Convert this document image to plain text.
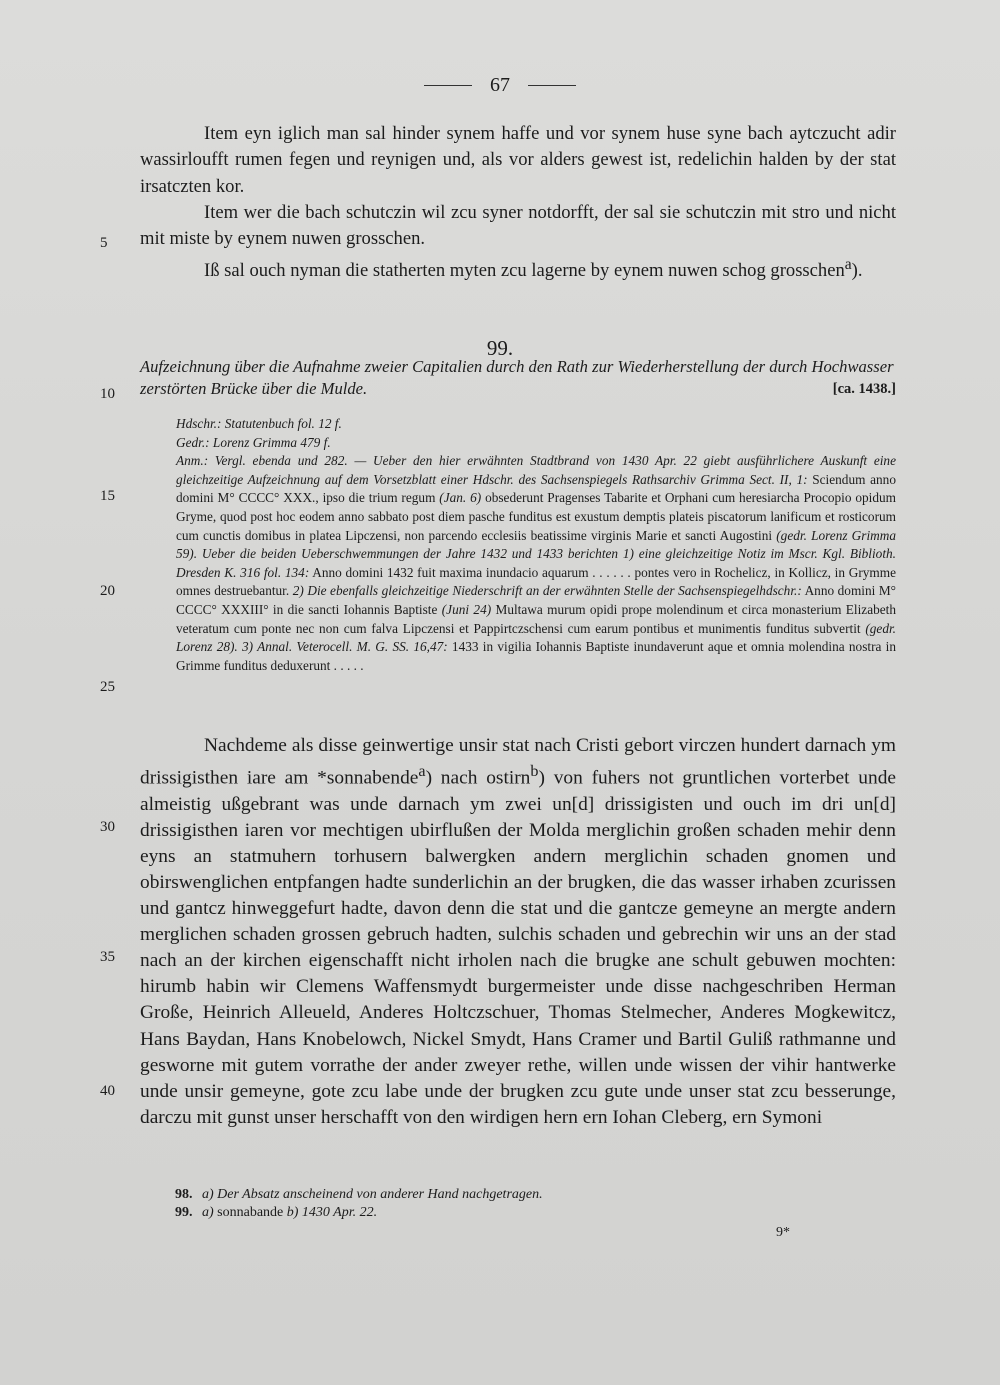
67

Item eyn iglich man sal hinder synem haffe und vor synem huse syne bach aytczucht adir wassirloufft rumen fegen und reynigen und, als vor alders gewest ist, redelichin halden by der stat irsatczten kor.

Item wer die bach schutczin wil zcu syner notdorfft, der sal sie schutczin mit stro und nicht mit miste by eynem nuwen grosschen.

Iß sal ouch nyman die statherten myten zcu lagerne by eynem nuwen schog grosschen$^a$).

99.
Aufzeichnung über die Aufnahme zweier Capitalien durch den Rath zur Wiederherstellung der durch Hochwasser zerstörten Brücke über die Mulde.	[ca. 1438.]
Hdschr.: Statutenbuch fol. 12 f.
Gedr.: Lorenz Grimma 479 f.
Anm.: Vergl. ebenda und 282. — Ueber den hier erwähnten Stadtbrand von 1430 Apr. 22 giebt ausführlichere Auskunft eine gleichzeitige Aufzeichnung auf dem Vorsetzblatt einer Hdschr. des Sachsenspiegels Rathsarchiv Grimma Sect. II, 1: Sciendum anno domini M° CCCC° XXX., ipso die trium regum (Jan. 6) obsederunt Pragenses Tabarite et Orphani cum heresiarcha Procopio opidum Gryme, quod post hoc eodem anno sabbato post diem pasche funditus est exustum demptis plateis piscatorum lanificum et rosticorum cum cunctis domibus in platea Lipczensi, non parcendo ecclesiis beatissime virginis Marie et sancti Augostini (gedr. Lorenz Grimma 59). Ueber die beiden Ueberschwemmungen der Jahre 1432 und 1433 berichten 1) eine gleichzeitige Notiz im Mscr. Kgl. Biblioth. Dresden K. 316 fol. 134: Anno domini 1432 fuit maxima inundacio aquarum . . . . . . pontes vero in Rochelicz, in Kollicz, in Grymme omnes destruebantur. 2) Die ebenfalls gleichzeitige Niederschrift an der erwähnten Stelle der Sachsenspiegelhdschr.: Anno domini M° CCCC° XXXIII° in die sancti Iohannis Baptiste (Juni 24) Multawa murum opidi prope molendinum et circa monasterium Elizabeth veteratum cum ponte nec non cum falva Lipczensi et Pappirtczschensi cum earum pontibus et munimentis funditus subvertit (gedr. Lorenz 28). 3) Annal. Veterocell. M. G. SS. 16,47: 1433 in vigilia Iohannis Baptiste inundaverunt aque et omnia molendina nostra in Grimme funditus deduxerunt . . . . .

Nachdeme als disse geinwertige unsir stat nach Cristi gebort virczen hundert darnach ym drissigisthen iare am *sonnabende$^a$) nach ostirn$^b$) von fuhers not gruntlichen vorterbet unde almeistig ußgebrant was unde darnach ym zwei un[d] drissigisten und ouch im dri un[d] drissigisthen iaren vor mechtigen ubirflußen der Molda merglichin großen schaden mehir denn eyns an statmuhern torhusern balwergken andern merglichin schaden gnomen und obirswenglichen entpfangen hadte sunderlichin an der brugken, die das wasser irhaben zcurissen und gantcz hinweggefurt hadte, davon denn die stat und die gantcze gemeyne an mergte andern merglichen schaden grossen gebruch hadten, sulchis schaden und gebrechin wir uns an der stad nach an der kirchen eigenschafft nicht irholen nach die brugke ane schult gebuwen mochten: hirumb habin wir Clemens Waffensmydt burgermeister unde disse nachgeschriben Herman Große, Heinrich Alleueld, Anderes Holtczschuer, Thomas Stelmecher, Anderes Mogkewitcz, Hans Baydan, Hans Knobelowch, Nickel Smydt, Hans Cramer und Bartil Guliß rathmanne und gesworne mit gutem vorrathe der ander zweyer rethe, willen unde wissen der vihir hantwerke unde unsir gemeyne, gote zcu labe unde der brugken zcu gute unde unser stat zcu besserunge, darczu mit gunst unser herschafft von den wirdigen hern ern Iohan Cleberg, ern Symoni

5
10
15
20
25
30
35
40
98. a) Der Absatz anscheinend von anderer Hand nachgetragen.
99. a) sonnabande b) 1430 Apr. 22.
9*
